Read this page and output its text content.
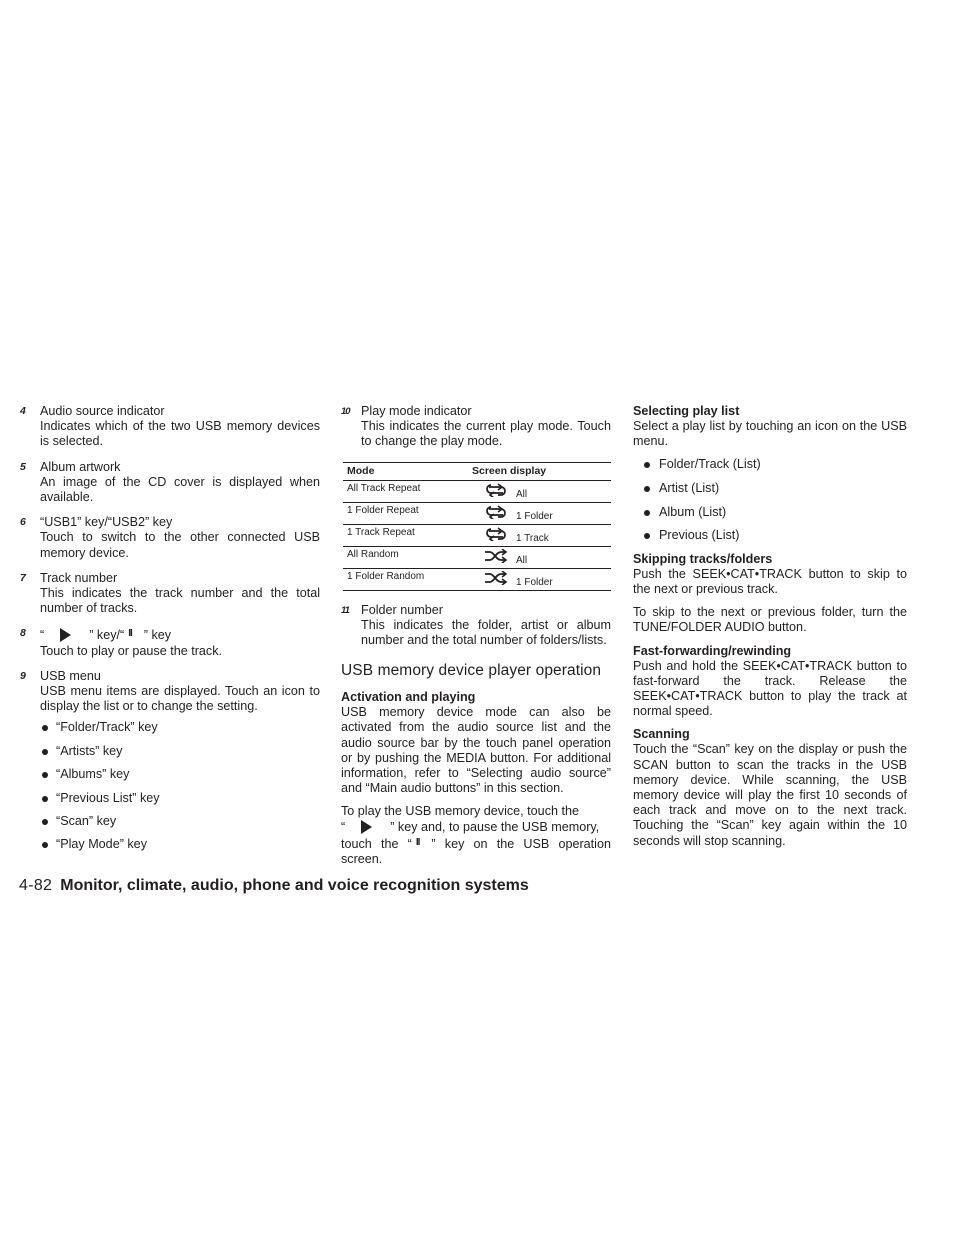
4 Audio source indicator

Indicates which of the two USB memory devices is selected.

5 Album artwork

An image of the CD cover is displayed when available.

6 “USB1” key/“USB2” key

Touch to switch to the other connected USB memory device.

7 Track number

This indicates the track number and the total number of tracks.

8 “	” key/“ II ” key

Touch to play or pause the track.

9 USB menu

USB menu items are displayed. Touch an icon to display the list or to change the setting.

“Folder/Track” key
“Artists” key
“Albums” key
“Previous List” key
“Scan” key
“Play Mode” key
10 Play mode indicator

This indicates the current play mode. Touch to change the play mode.

Mode	Screen display
All Track Repeat	All

1 Folder Repeat	1 Folder

1 Track Repeat	1 Track

All Random	All

1 Folder Random	1 Folder
11 Folder number

This indicates the folder, artist or album number and the total number of folders/lists.

USB memory device player operation
Activation and playing

USB memory device mode can also be activated from the audio source list and the audio source bar by the touch panel operation or by pushing the MEDIA button. For additional information, refer to “Selecting audio source” and “Main audio buttons” in this section.

To play the USB memory device, touch the
“	” key and, to pause the USB memory,
touch the “ II ” key on the USB operation screen.

Selecting play list

Select a play list by touching an icon on the USB menu.

Folder/Track (List)
Artist (List)
Album (List)
Previous (List)
Skipping tracks/folders

Push the SEEK•CAT•TRACK button to skip to the next or previous track.

To skip to the next or previous folder, turn the TUNE/FOLDER AUDIO button.

Fast-forwarding/rewinding

Push and hold the SEEK•CAT•TRACK button to fast-forward the track. Release the SEEK•CAT•TRACK button to play the track at normal speed.

Scanning

Touch the “Scan” key on the display or push the SCAN button to scan the tracks in the USB memory device. While scanning, the USB memory device will play the first 10 seconds of each track and move on to the next track. Touching the “Scan” key again within the 10 seconds will stop scanning.

4-82 Monitor, climate, audio, phone and voice recognition systems
